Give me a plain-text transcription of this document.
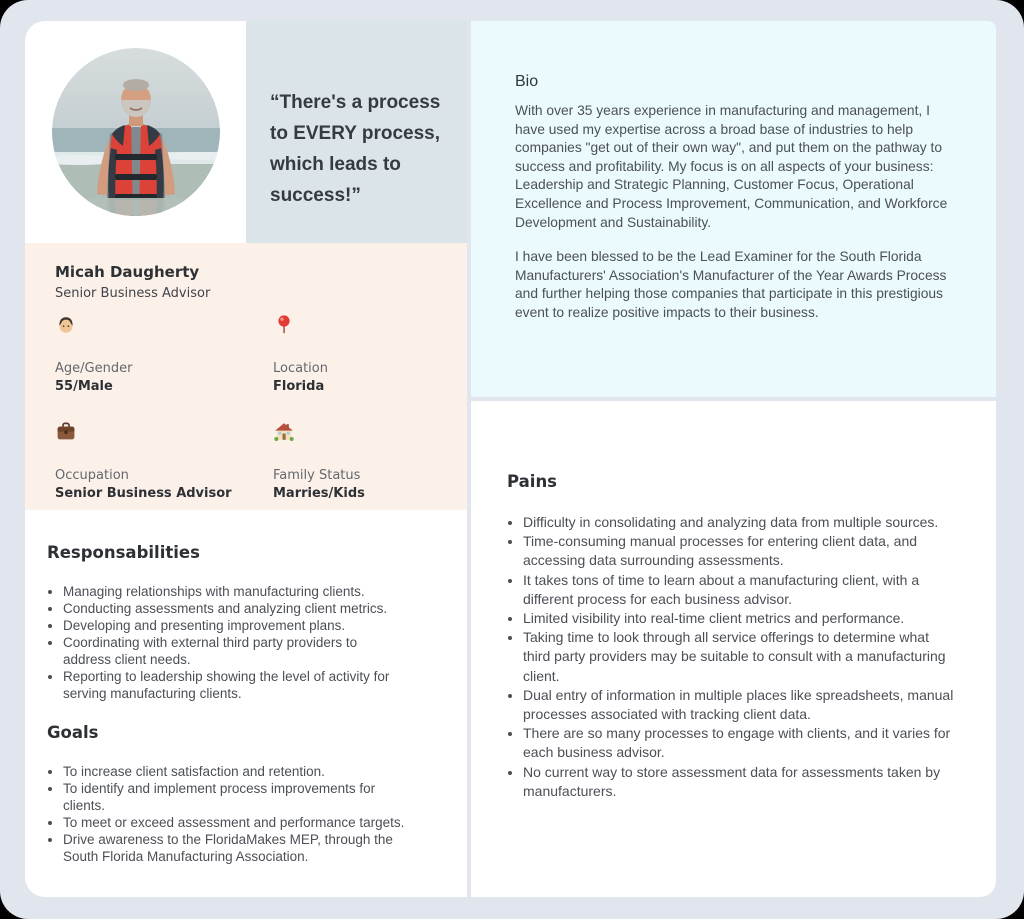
“There's a process to EVERY process, which leads to success!”
Micah Daugherty
Senior Business Advisor
Age/Gender
55/Male
Location
Florida
Occupation
Senior Business Advisor
Family Status
Marries/Kids
Responsabilities
• Managing relationships with manufacturing clients.
• Conducting assessments and analyzing client metrics.
• Developing and presenting improvement plans.
• Coordinating with external third party providers to address client needs.
• Reporting to leadership showing the level of activity for serving manufacturing clients.
Goals
• To increase client satisfaction and retention.
• To identify and implement process improvements for clients.
• To meet or exceed assessment and performance targets.
• Drive awareness to the FloridaMakes MEP, through the South Florida Manufacturing Association.
Bio

With over 35 years experience in manufacturing and management, I have used my expertise across a broad base of industries to help companies "get out of their own way", and put them on the pathway to success and profitability. My focus is on all aspects of your business: Leadership and Strategic Planning, Customer Focus, Operational Excellence and Process Improvement, Communication, and Workforce Development and Sustainability.

I have been blessed to be the Lead Examiner for the South Florida Manufacturers' Association's Manufacturer of the Year Awards Process and further helping those companies that participate in this prestigious event to realize positive impacts to their business.

Pains
• Difficulty in consolidating and analyzing data from multiple sources.
• Time-consuming manual processes for entering client data, and accessing data surrounding assessments.
• It takes tons of time to learn about a manufacturing client, with a different process for each business advisor.
• Limited visibility into real-time client metrics and performance.
• Taking time to look through all service offerings to determine what third party providers may be suitable to consult with a manufacturing client.
• Dual entry of information in multiple places like spreadsheets, manual processes associated with tracking client data.
• There are so many processes to engage with clients, and it varies for each business advisor.
• No current way to store assessment data for assessments taken by manufacturers.
